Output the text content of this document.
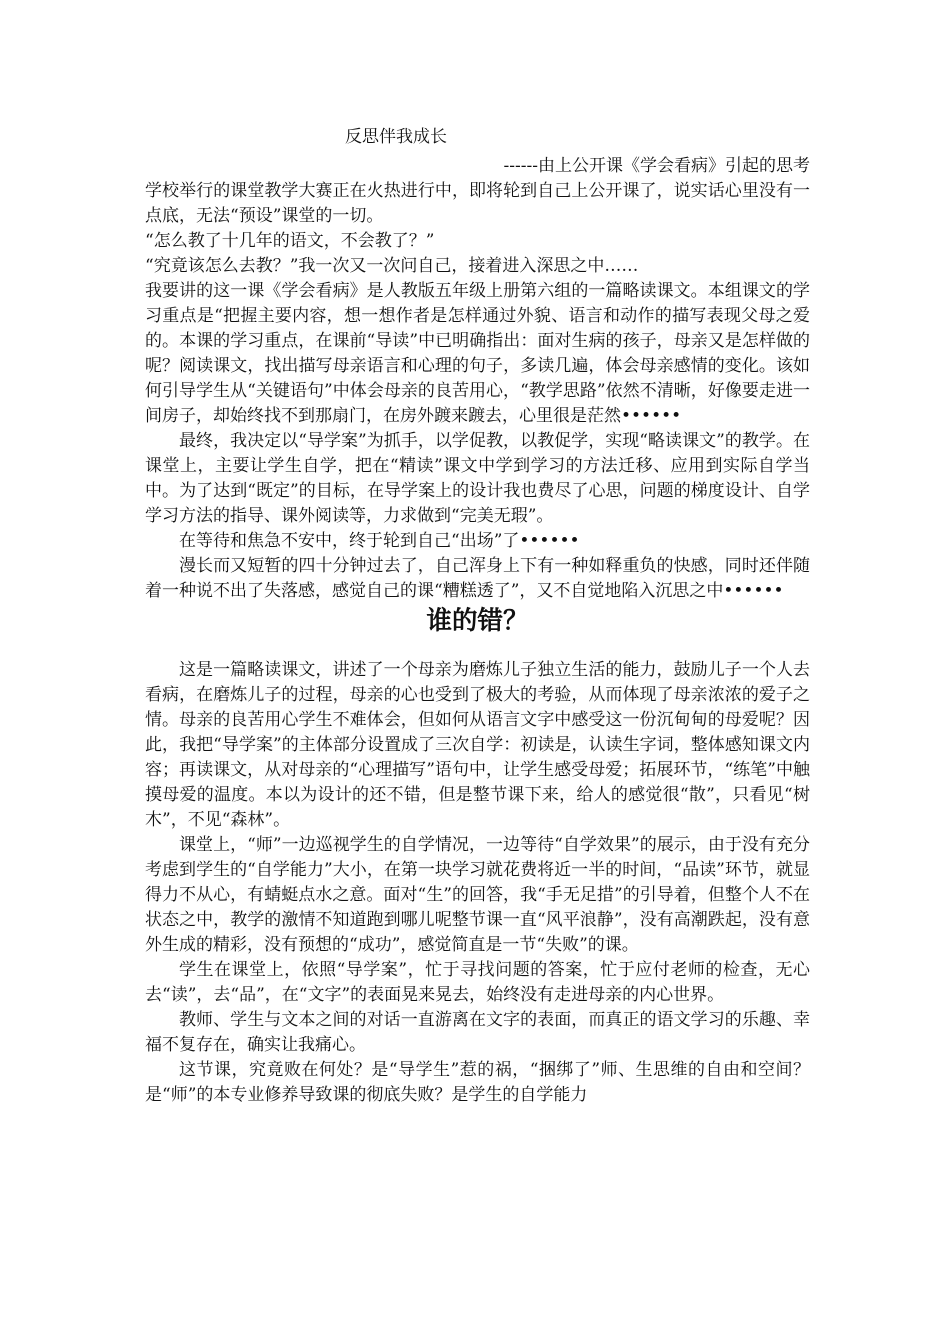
反思伴我成长

------由上公开课《学会看病》引起的思考

学校举行的课堂教学大赛正在火热进行中，即将轮到自己上公开课了，说实话心里没有一点底，无法“预设”课堂的一切。

“怎么教了十几年的语文，不会教了？”

“究竟该怎么去教？”我一次又一次问自己，接着进入深思之中……

我要讲的这一课《学会看病》是人教版五年级上册第六组的一篇略读课文。本组课文的学习重点是“把握主要内容，想一想作者是怎样通过外貌、语言和动作的描写表现父母之爱的。本课的学习重点，在课前“导读”中已明确指出：面对生病的孩子，母亲又是怎样做的呢？阅读课文，找出描写母亲语言和心理的句子，多读几遍，体会母亲感情的变化。该如何引导学生从“关键语句”中体会母亲的良苦用心，“教学思路”依然不清晰，好像要走进一间房子，却始终找不到那扇门，在房外踱来踱去，心里很是茫然••••••

最终，我决定以“导学案”为抓手，以学促教，以教促学，实现“略读课文”的教学。在课堂上，主要让学生自学，把在“精读”课文中学到学习的方法迁移、应用到实际自学当中。为了达到“既定”的目标，在导学案上的设计我也费尽了心思，问题的梯度设计、自学学习方法的指导、课外阅读等，力求做到“完美无瑕”。

在等待和焦急不安中，终于轮到自己“出场”了••••••

漫长而又短暂的四十分钟过去了，自己浑身上下有一种如释重负的快感，同时还伴随着一种说不出了失落感，感觉自己的课“糟糕透了”，又不自觉地陷入沉思之中••••••

谁的错？

这是一篇略读课文，讲述了一个母亲为磨炼儿子独立生活的能力，鼓励儿子一个人去看病，在磨炼儿子的过程，母亲的心也受到了极大的考验，从而体现了母亲浓浓的爱子之情。母亲的良苦用心学生不难体会，但如何从语言文字中感受这一份沉甸甸的母爱呢？因此，我把“导学案”的主体部分设置成了三次自学：初读是，认读生字词，整体感知课文内容；再读课文，从对母亲的“心理描写”语句中，让学生感受母爱；拓展环节，“练笔”中触摸母爱的温度。本以为设计的还不错，但是整节课下来，给人的感觉很“散”，只看见“树木”，不见“森林”。

课堂上，“师”一边巡视学生的自学情况，一边等待“自学效果”的展示，由于没有充分考虑到学生的“自学能力”大小，在第一块学习就花费将近一半的时间，“品读”环节，就显得力不从心，有蜻蜓点水之意。面对“生”的回答，我“手无足措”的引导着，但整个人不在状态之中，教学的激情不知道跑到哪儿呢整节课一直“风平浪静”，没有高潮跌起，没有意外生成的精彩，没有预想的“成功”，感觉简直是一节“失败”的课。

学生在课堂上，依照“导学案”，忙于寻找问题的答案，忙于应付老师的检查，无心去“读”，去“品”，在“文字”的表面晃来晃去，始终没有走进母亲的内心世界。

教师、学生与文本之间的对话一直游离在文字的表面，而真正的语文学习的乐趣、幸福不复存在，确实让我痛心。

这节课，究竟败在何处？是“导学生”惹的祸，“捆绑了”师、生思维的自由和空间？是“师”的本专业修养导致课的彻底失败？是学生的自学能力
